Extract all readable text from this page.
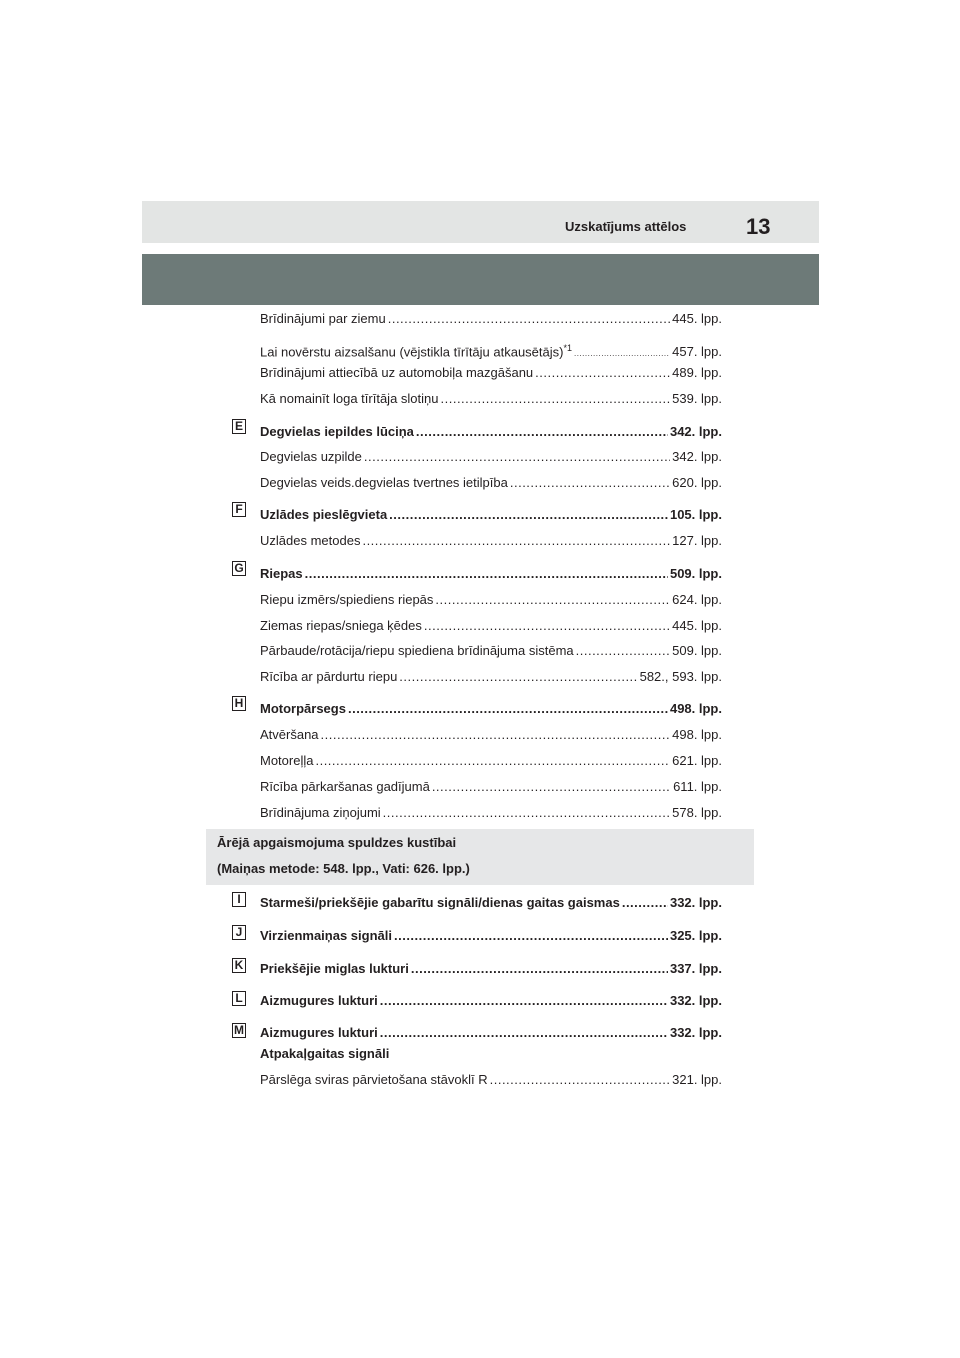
Uzskatījums attēlos	13
Brīdinājumi par ziemu .....	445. lpp.
Lai novērstu aizsalšanu (vējstikla tīrītāju atkausētājs)$^{*1}$ .....	457. lpp.
Brīdinājumi attiecībā uz automobiļa mazgāšanu .....	489. lpp.
Kā nomainīt loga tīrītāja slotiņu .....	539. lpp.
E Degvielas iepildes lūciņa .....	342. lpp.
Degvielas uzpilde .....	342. lpp.
Degvielas veids.degvielas tvertnes ietilpība .....	620. lpp.
F Uzlādes pieslēgvieta .....	105. lpp.
Uzlādes metodes .....	127. lpp.
G Riepas .....	509. lpp.
Riepu izmērs/spiediens riepās .....	624. lpp.
Ziemas riepas/sniega ķēdes .....	445. lpp.
Pārbaude/rotācija/riepu spiediena brīdinājuma sistēma .....	509. lpp.
Rīcība ar pārdurtu riepu .....	582., 593. lpp.
H Motorpārsegs .....	498. lpp.
Atvēršana .....	498. lpp.
Motoreļļa .....	621. lpp.
Rīcība pārkaršanas gadījumā .....	611. lpp.
Brīdinājuma ziņojumi .....	578. lpp.
Ārējā apgaismojuma spuldzes kustībai
(Maiņas metode: 548. lpp., Vati: 626. lpp.)
I	Starmeši/priekšējie gabarītu signāli/dienas gaitas gaismas .....	332. lpp.
J Virzienmaiņas signāli .....	325. lpp.
K Priekšējie miglas lukturi .....	337. lpp.
L Aizmugures lukturi .....	332. lpp.
M Aizmugures lukturi .....	332. lpp.
Atpakaļgaitas signāli
Pārslēga sviras pārvietošana stāvoklī R .....	321. lpp.
